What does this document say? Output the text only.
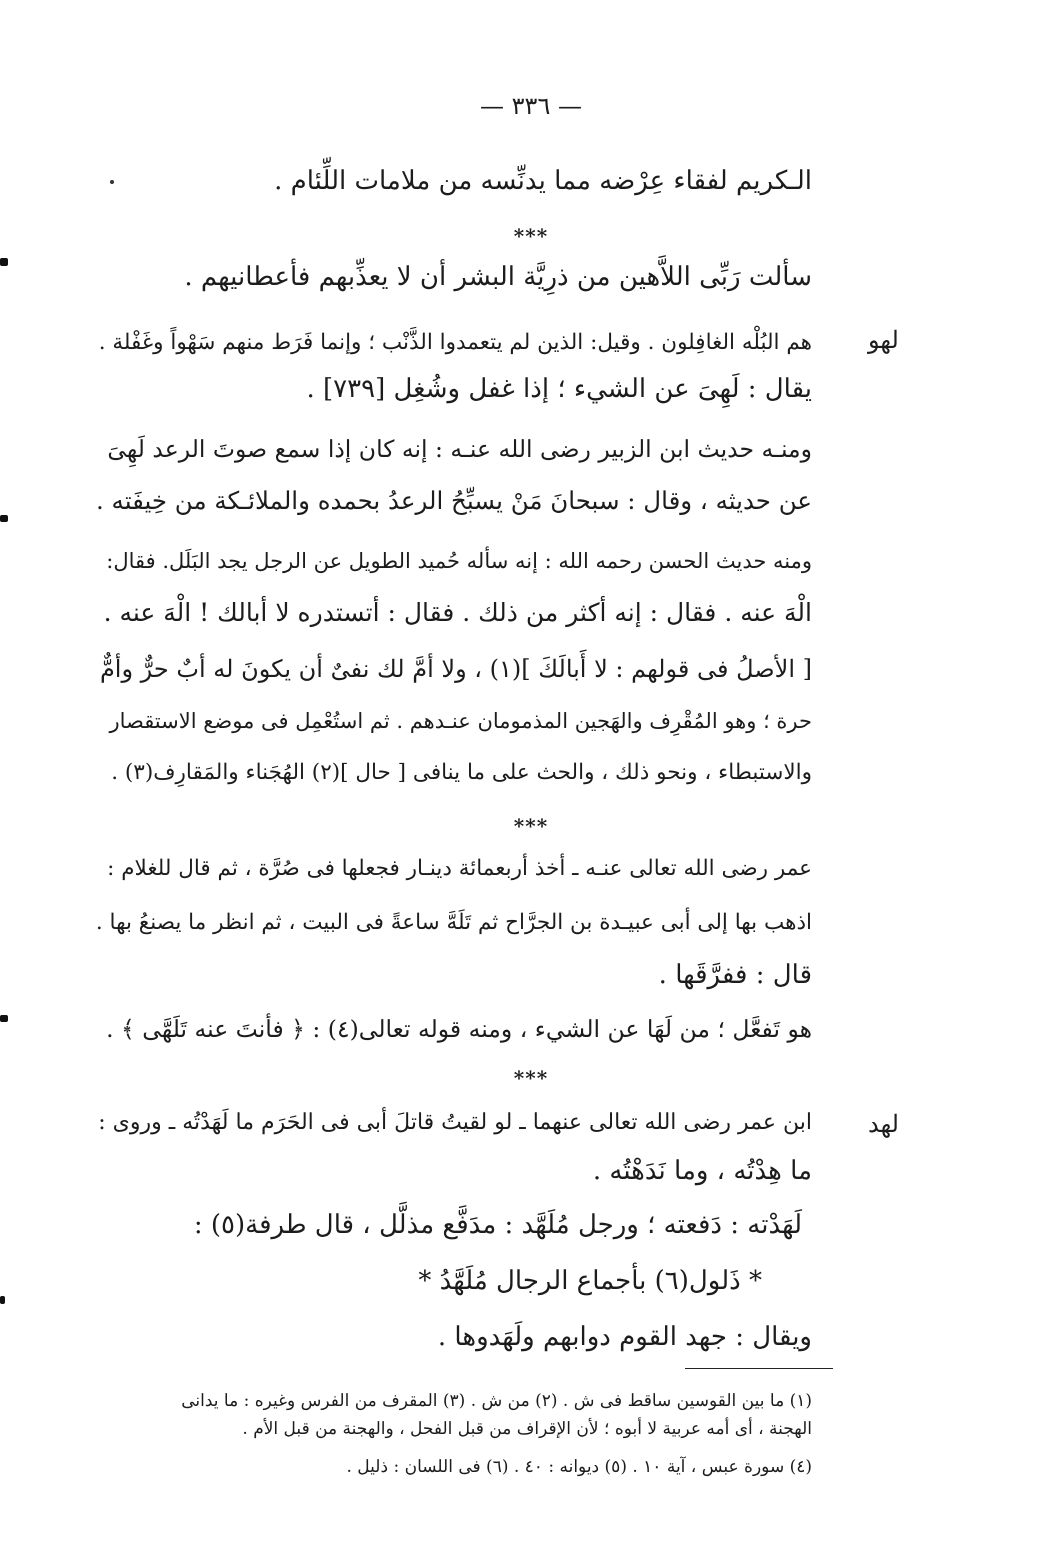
— ٣٣٦ —
الـكريم لفقاء عِرْضه مما يدنِّسه من ملامات اللِّئام .
***
سألت رَبِّى اللاَّهين من ذرِيَّة البشر أن لا يعذِّبهم فأعطانيهم .
لهو
هم البُلْه الغافِلون . وقيل: الذين لم يتعمدوا الذَّنْب ؛ وإنما فَرَط منهم سَهْواً وغَفْلة .
يقال : لَهِىَ عن الشيء ؛ إذا غفل وشُغِل [٧٣٩] .
ومنـه حديث ابن الزبير رضى الله عنـه : إنه كان إذا سمع صوتَ الرعد لَهِىَ
عن حديثه ، وقال : سبحانَ مَنْ يسبِّحُ الرعدُ بحمده والملائـكة من خِيفَته .
ومنه حديث الحسن رحمه الله : إنه سأله حُميد الطويل عن الرجل يجد البَلَل. فقال:
الْهَ عنه . فقال : إنه أكثر من ذلك . فقال : أتستدره لا أبالك ! الْهَ عنه .
[ الأصلُ فى قولهم : لا أَبالَكَ ](١) ، ولا أمَّ لك نفىٌ أن يكونَ له أبٌ حرٌّ وأمٌّ
حرة ؛ وهو المُقْرِف والهَجين المذمومان عنـدهم . ثم استُعْمِل فى موضع الاستقصار
والاستبطاء ، ونحو ذلك ، والحث على ما ينافى [ حال ](٢) الهُجَناء والمَقارِف(٣) .
***
عمر رضى الله تعالى عنـه ـ أخذ أربعمائة دينـار فجعلها فى صُرَّة ، ثم قال للغلام :
اذهب بها إلى أبى عبيـدة بن الجرَّاح ثم تَلَهَّ ساعةً فى البيت ، ثم انظر ما يصنعُ بها .
قال : ففرَّقَها .
هو تَفعَّل ؛ من لَهَا عن الشيء ، ومنه قوله تعالى(٤) : ﴿ فأنتَ عنه تَلَهَّى ﴾ .
***
لهد
ابن عمر رضى الله تعالى عنهما ـ لو لقيتُ قاتلَ أبى فى الحَرَم ما لَهَدْتُه ـ وروى :
ما هِدْتُه ، وما نَدَهْتُه .
لَهَدْته : دَفعته ؛ ورجل مُلَهَّد : مدَفَّع مذلَّل ، قال طرفة(٥) :
* ذَلول(٦) بأجماع الرجال مُلَهَّدُ *
ويقال : جهد القوم دوابهم ولَهَدوها .
(١) ما بين القوسين ساقط فى ش . (٢) من ش . (٣) المقرف من الفرس وغيره : ما يدانى
الهجنة ، أى أمه عربية لا أبوه ؛ لأن الإقراف من قبل الفحل ، والهجنة من قبل الأم .
(٤) سورة عبس ، آية ١٠ . (٥) ديوانه : ٤٠ . (٦) فى اللسان : ذليل .
